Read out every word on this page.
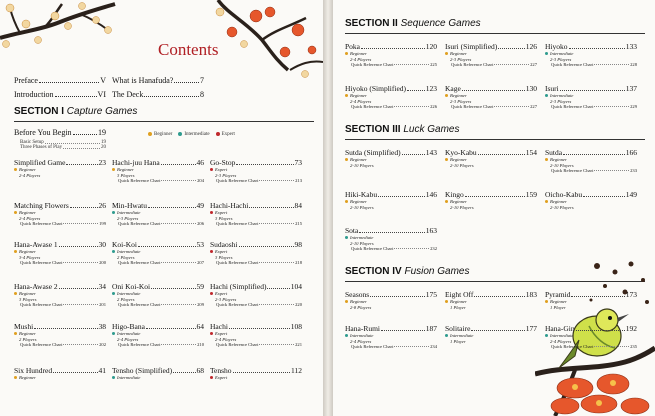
Contents
Preface	V What is Hanafuda?	7
Introduction	VI The Deck	8
SECTION I Capture Games
Before You Begin	19
Basic Setup	19
Three Phases of Play	20
Beginner	Intermediate	Expert
Simplified Game	23
Beginner
2-4 Players
Hachi-juu Hana	46
Beginner
3 Players
Quick Reference Chart	204
Go-Stop	73
Expert
2-3 Players
Quick Reference Chart	213
Matching Flowers	26
Beginner
2-4 Players
Quick Reference Chart	199
Min-Hwatu	49
Intermediate
2-3 Players
Quick Reference Chart	206
Hachi-Hachi	84
Expert
3 Players
Quick Reference Chart	215
Hana-Awase 1	30
Beginner
3-4 Players
Quick Reference Chart	200
Koi-Koi	53
Intermediate
2 Players
Quick Reference Chart	207
Sudaoshi	98
Expert
3 Players
Quick Reference Chart	218
Hana-Awase 2	34
Beginner
3 Players
Quick Reference Chart	201
Oni Koi-Koi	59
Intermediate
2 Players
Quick Reference Chart	209
Hachi (Simplified)	104
Expert
2-3 Players
Quick Reference Chart	220
Mushi	38
Beginner
2 Players
Quick Reference Chart	202
Higo-Bana	64
Intermediate
2-4 Players
Quick Reference Chart	210
Hachi	108
Expert
2-4 Players
Quick Reference Chart	221
Six Hundred	41
Beginner
Tensho (Simplified)	68
Intermediate
Tensho	112
Expert
SECTION II Sequence Games
SECTION III Luck Games
SECTION IV Fusion Games
Poka	120
Beginner
2-4 Players
Quick Reference Chart	225
Isuri (Simplified)	126
Beginner
2-3 Players
Quick Reference Chart	227
Hiyoko	133
Intermediate
2-3 Players
Quick Reference Chart	228
Hiyoko (Simplified)	123
Beginner
2-4 Players
Quick Reference Chart	226
Kage	130
Beginner
2-3 Players
Quick Reference Chart	227
Isuri	137
Intermediate
2-3 Players
Quick Reference Chart	229
Sutda (Simplified)	143
Beginner
2-10 Players
Kyo-Kabu	154
Beginner
2-10 Players
Sutda	166
Beginner
2-10 Players
Quick Reference Chart	233
Hiki-Kabu	146
Beginner
2-10 Players
Kingo	159
Beginner
2-10 Players
Oicho-Kabu	149
Beginner
2-10 Players
Sota	163
Intermediate
2-10 Players
Quick Reference Chart	232
Seasons	175
Beginner
2-8 Players
Eight Off	183
Beginner
1 Player
Pyramid	173
Beginner
1 Player
Hana-Rumi	187
Intermediate
2-4 Players
Quick Reference Chart	234
Solitaire	177
Intermediate
1 Player
Hana-Gin	192
Intermediate
2-4 Players
Quick Reference Chart	235
